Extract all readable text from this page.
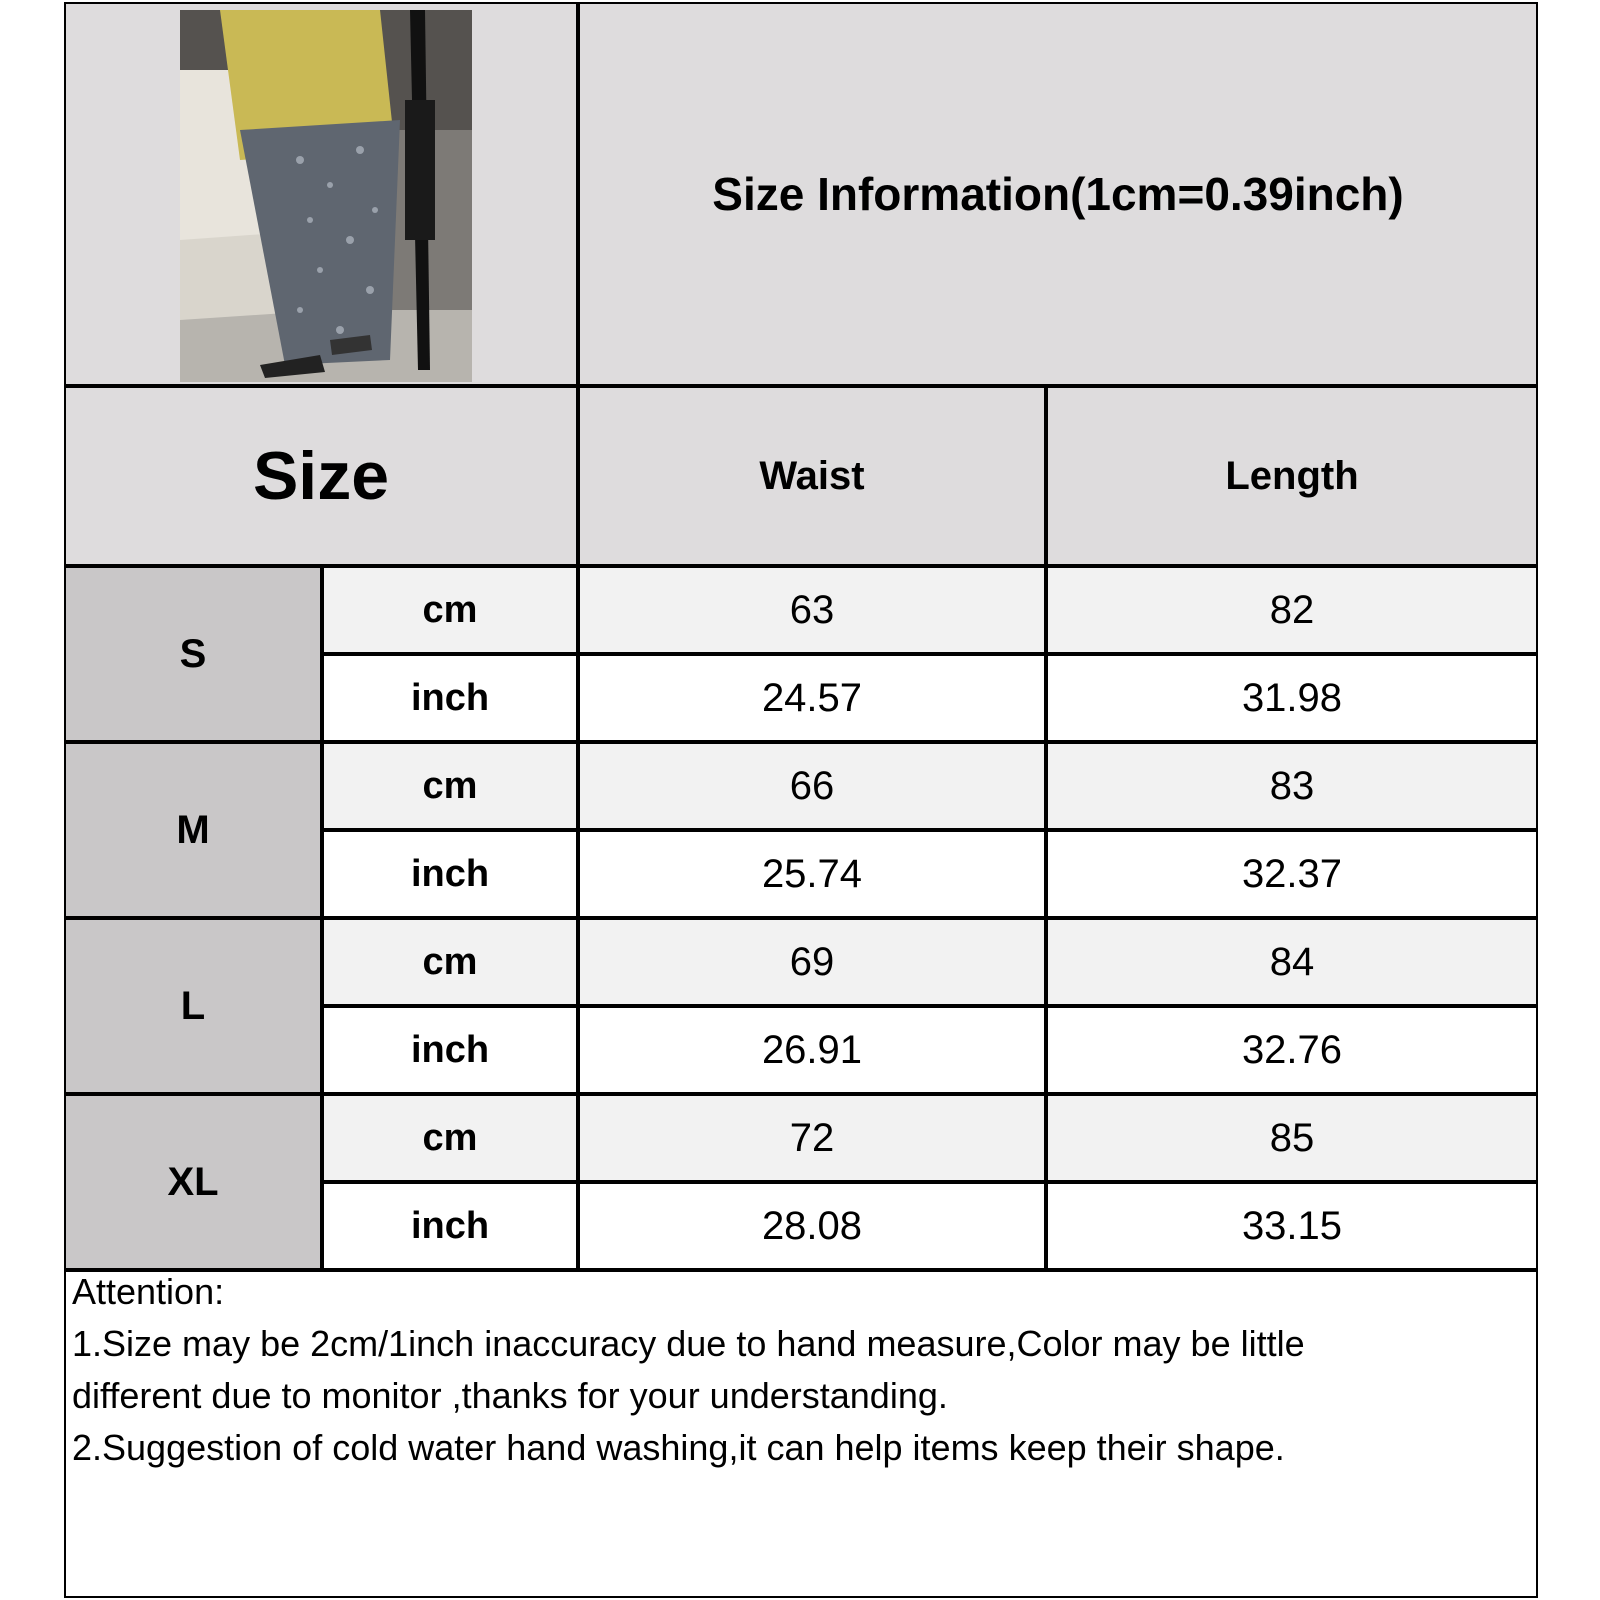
Size Information(1cm=0.39inch)
Size	Waist	Length
S
cm	63	82
inch	24.57	31.98
M
cm	66	83
inch	25.74	32.37
L
cm	69	84
inch	26.91	32.76
XL
cm	72	85
inch	28.08	33.15
Attention:
1.Size may be 2cm/1inch inaccuracy due to hand measure,Color may be little
different due to monitor ,thanks for your understanding.
2.Suggestion of cold water hand washing,it can help items keep their shape.
